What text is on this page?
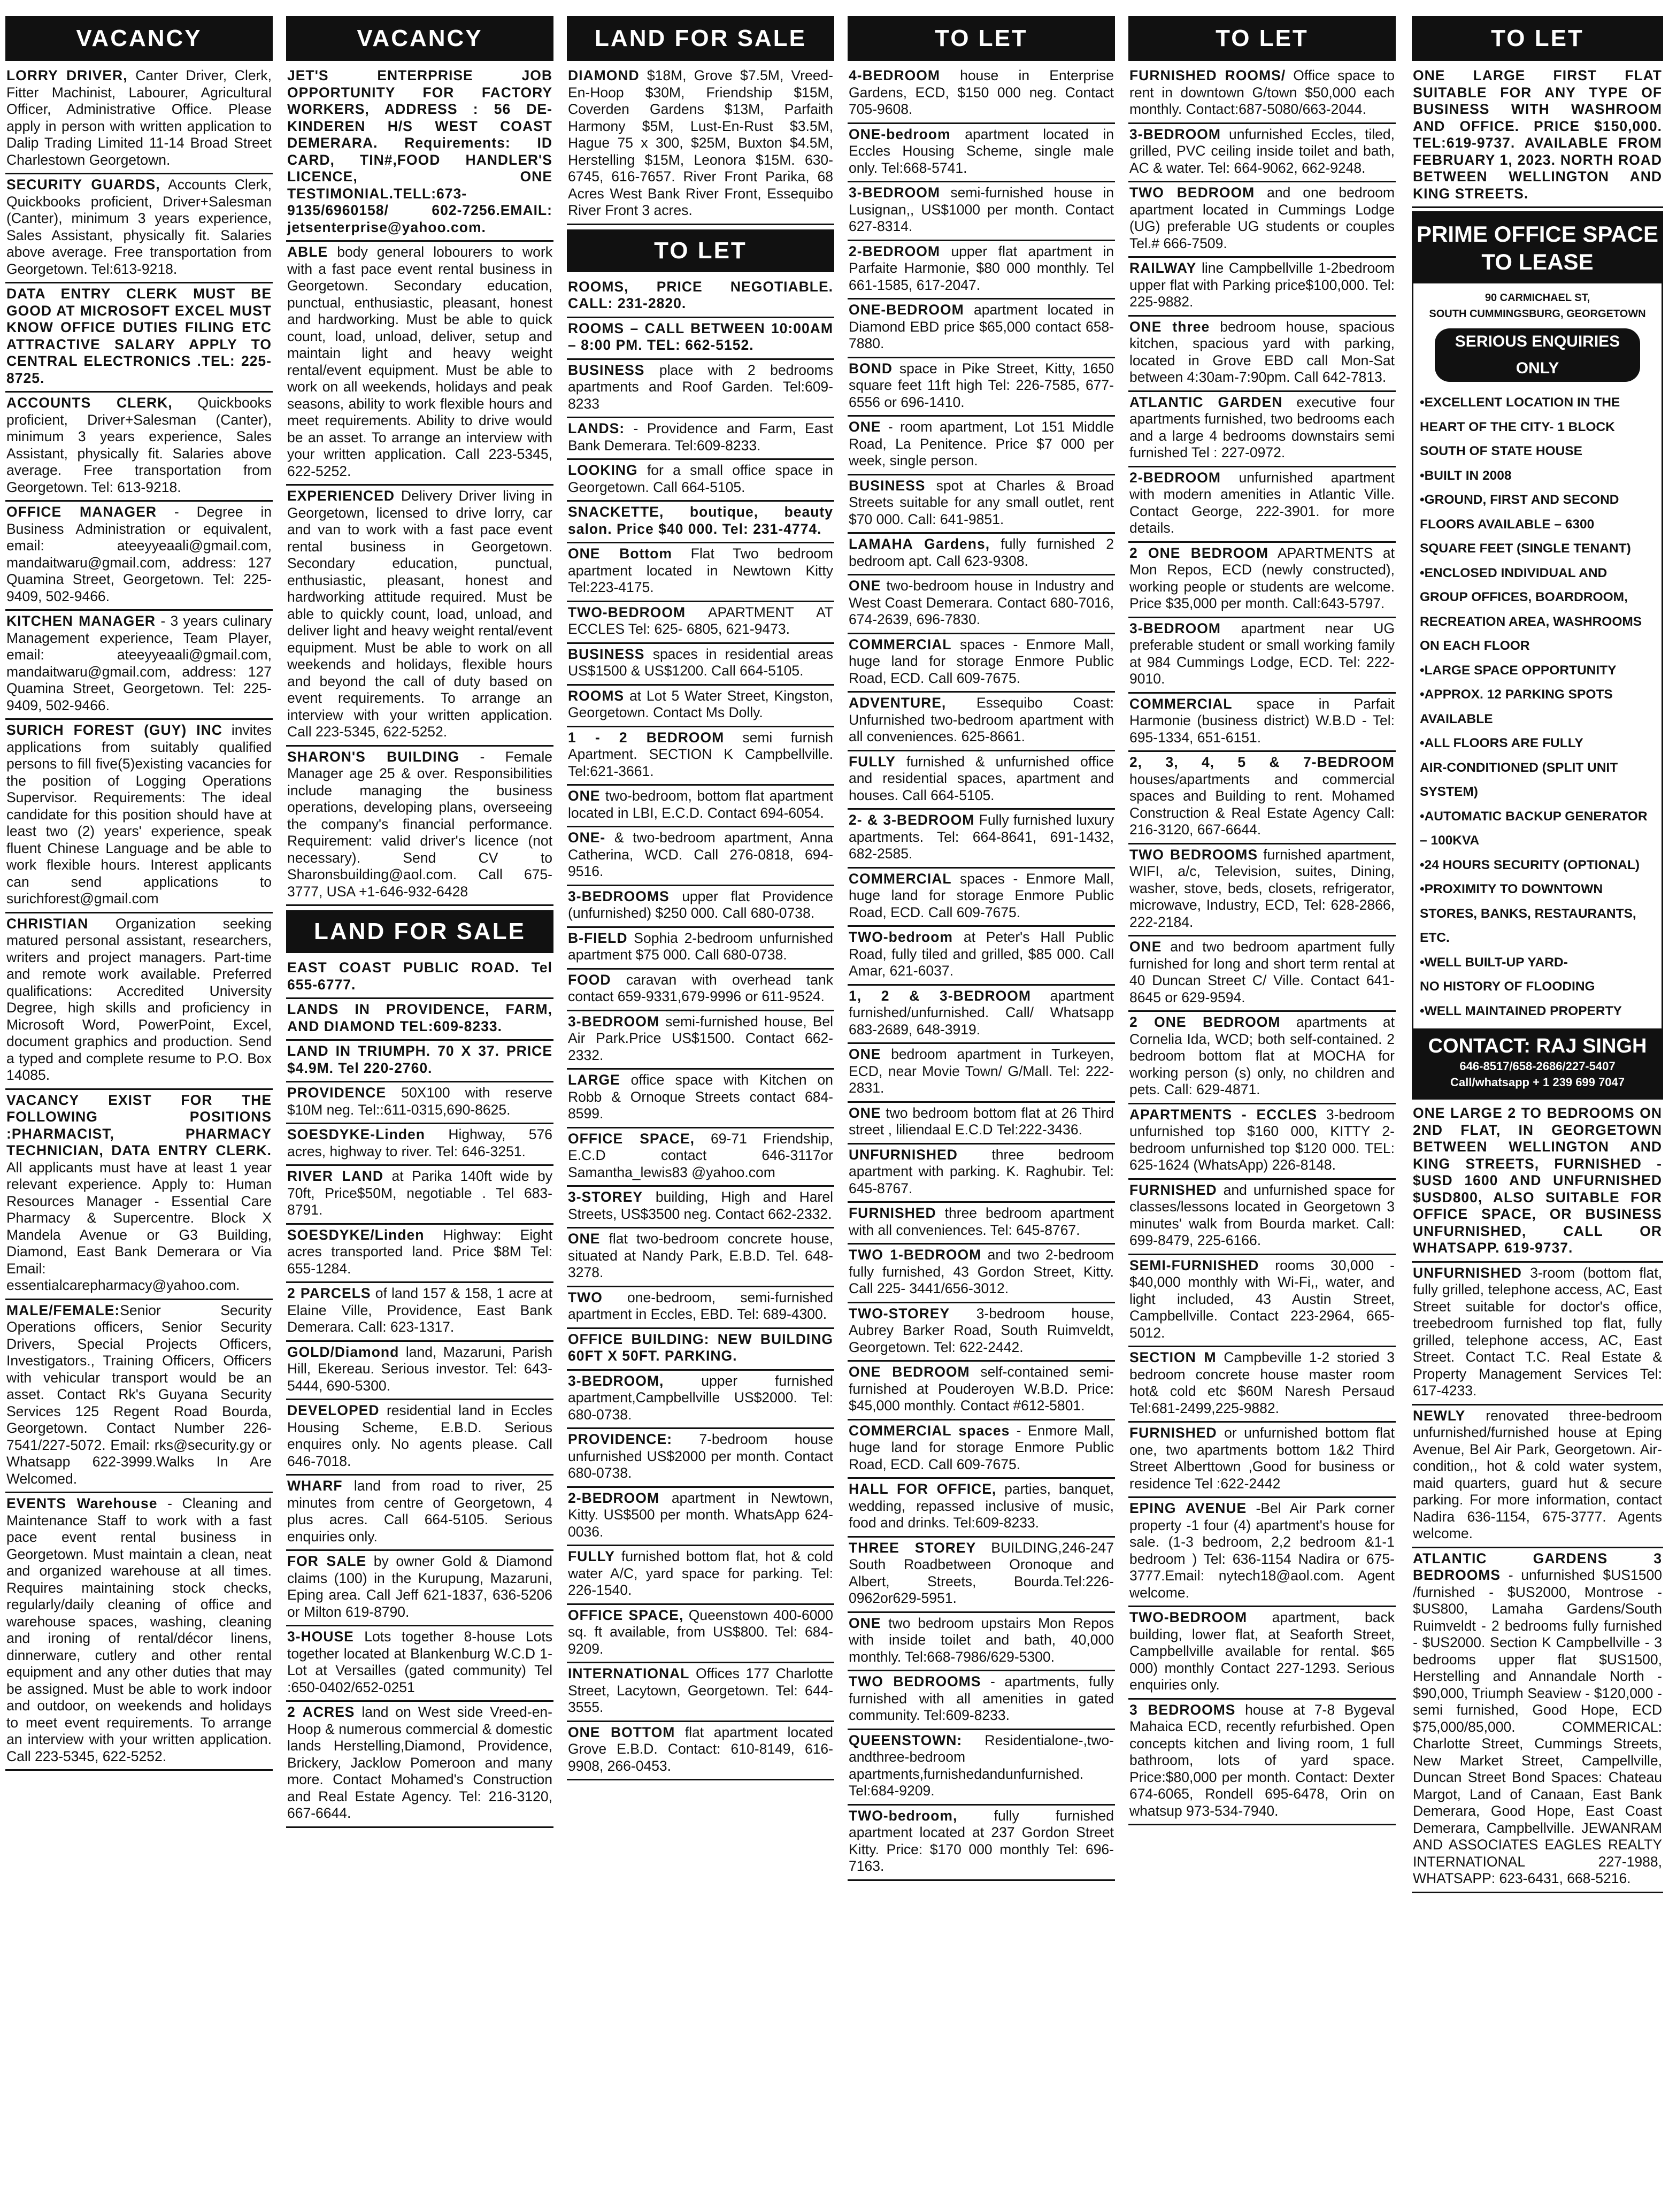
VACANCY
LORRY DRIVER, Canter Driver, Clerk, Fitter Machinist, Labourer, Agricultural Officer, Administrative Office. Please apply in person with written application to Dalip Trading Limited 11-14 Broad Street Charlestown Georgetown.
SECURITY GUARDS, Accounts Clerk, Quickbooks proficient, Driver+Salesman (Canter), minimum 3 years experience, Sales Assistant, physically fit. Salaries above average. Free transportation from Georgetown. Tel:613-9218.
DATA ENTRY CLERK MUST BE GOOD AT MICROSOFT EXCEL MUST KNOW OFFICE DUTIES FILING ETC ATTRACTIVE SALARY APPLY TO CENTRAL ELECTRONICS .TEL: 225-8725.
ACCOUNTS CLERK, Quickbooks proficient, Driver+Salesman (Canter), minimum 3 years experience, Sales Assistant, physically fit. Salaries above average. Free transportation from Georgetown. Tel: 613-9218.
OFFICE MANAGER - Degree in Business Administration or equivalent, email: ateeyyeaali@gmail.com, mandaitwaru@gmail.com, address: 127 Quamina Street, Georgetown. Tel: 225-9409, 502-9466.
KITCHEN MANAGER - 3 years culinary Management experience, Team Player, email: ateeyyeaali@gmail.com, mandaitwaru@gmail.com, address: 127 Quamina Street, Georgetown. Tel: 225-9409, 502-9466.
SURICH FOREST (GUY) INC invites applications from suitably qualified persons to fill five(5)existing vacancies for the position of Logging Operations Supervisor. Requirements: The ideal candidate for this position should have at least two (2) years' experience, speak fluent Chinese Language and be able to work flexible hours. Interest applicants can send applications to surichforest@gmail.com
CHRISTIAN Organization seeking matured personal assistant, researchers, writers and project managers. Part-time and remote work available. Preferred qualifications: Accredited University Degree, high skills and proficiency in Microsoft Word, PowerPoint, Excel, document graphics and production. Send a typed and complete resume to P.O. Box 14085.
VACANCY EXIST FOR THE FOLLOWING POSITIONS :PHARMACIST, PHARMACY TECHNICIAN, DATA ENTRY CLERK. All applicants must have at least 1 year relevant experience. Apply to: Human Resources Manager - Essential Care Pharmacy & Supercentre. Block X Mandela Avenue or G3 Building, Diamond, East Bank Demerara or Via Email: essentialcarepharmacy@yahoo.com.
MALE/FEMALE:Senior Security Operations officers, Senior Security Drivers, Special Projects Officers, Investigators., Training Officers, Officers with vehicular transport would be an asset. Contact Rk's Guyana Security Services 125 Regent Road Bourda, Georgetown. Contact Number 226-7541/227-5072. Email: rks@security.gy or Whatsapp 622-3999.Walks In Are Welcomed.
EVENTS Warehouse - Cleaning and Maintenance Staff to work with a fast pace event rental business in Georgetown. Must maintain a clean, neat and organized warehouse at all times. Requires maintaining stock checks, regularly/daily cleaning of office and warehouse spaces, washing, cleaning and ironing of rental/décor linens, dinnerware, cutlery and other rental equipment and any other duties that may be assigned. Must be able to work indoor and outdoor, on weekends and holidays to meet event requirements. To arrange an interview with your written application. Call 223-5345, 622-5252.
VACANCY
JET'S ENTERPRISE JOB OPPORTUNITY FOR FACTORY WORKERS, ADDRESS : 56 DE-KINDEREN H/S WEST COAST DEMERARA. Requirements: ID CARD, TIN#,FOOD HANDLER'S LICENCE, ONE TESTIMONIAL.TELL:673-9135/6960158/ 602-7256.EMAIL: jetsenterprise@yahoo.com.
ABLE body general lobourers to work with a fast pace event rental business in Georgetown. Secondary education, punctual, enthusiastic, pleasant, honest and hardworking. Must be able to quick count, load, unload, deliver, setup and maintain light and heavy weight rental/event equipment. Must be able to work on all weekends, holidays and peak seasons, ability to work flexible hours and meet requirements. Ability to drive would be an asset. To arrange an interview with your written application. Call 223-5345, 622-5252.
EXPERIENCED Delivery Driver living in Georgetown, licensed to drive lorry, car and van to work with a fast pace event rental business in Georgetown. Secondary education, punctual, enthusiastic, pleasant, honest and hardworking attitude required. Must be able to quickly count, load, unload, and deliver light and heavy weight rental/event equipment. Must be able to work on all weekends and holidays, flexible hours and beyond the call of duty based on event requirements. To arrange an interview with your written application. Call 223-5345, 622-5252.
SHARON'S BUILDING - Female Manager age 25 & over. Responsibilities include managing the business operations, developing plans, overseeing the company's financial performance. Requirement: valid driver's licence (not necessary). Send CV to Sharonsbuilding@aol.com. Call 675-3777, USA +1-646-932-6428
LAND FOR SALE
EAST COAST PUBLIC ROAD. Tel 655-6777.
LANDS IN PROVIDENCE, FARM, AND DIAMOND TEL:609-8233.
LAND IN TRIUMPH. 70 X 37. PRICE $4.9M. Tel 220-2760.
PROVIDENCE 50X100 with reserve $10M neg. Tel::611-0315,690-8625.
SOESDYKE-Linden Highway, 576 acres, highway to river. Tel: 646-3251.
RIVER LAND at Parika 140ft wide by 70ft, Price$50M, negotiable . Tel 683-8791.
SOESDYKE/Linden Highway: Eight acres transported land. Price $8M Tel: 655-1284.
2 PARCELS of land 157 & 158, 1 acre at Elaine Ville, Providence, East Bank Demerara. Call: 623-1317.
GOLD/Diamond land, Mazaruni, Parish Hill, Ekereau. Serious investor. Tel: 643-5444, 690-5300.
DEVELOPED residential land in Eccles Housing Scheme, E.B.D. Serious enquires only. No agents please. Call 646-7018.
WHARF land from road to river, 25 minutes from centre of Georgetown, 4 plus acres. Call 664-5105. Serious enquiries only.
FOR SALE by owner Gold & Diamond claims (100) in the Kurupung, Mazaruni, Eping area. Call Jeff 621-1837, 636-5206 or Milton 619-8790.
3-HOUSE Lots together 8-house Lots together located at Blankenburg W.C.D 1-Lot at Versailles (gated community) Tel :650-0402/652-0251
2 ACRES land on West side Vreed-en-Hoop & numerous commercial & domestic lands Herstelling,Diamond, Providence, Brickery, Jacklow Pomeroon and many more. Contact Mohamed's Construction and Real Estate Agency. Tel: 216-3120, 667-6644.
LAND FOR SALE
DIAMOND $18M, Grove $7.5M, Vreed-En-Hoop $30M, Friendship $15M, Coverden Gardens $13M, Parfaith Harmony $5M, Lust-En-Rust $3.5M, Hague 75 x 300, $25M, Buxton $4.5M, Herstelling $15M, Leonora $15M. 630-6745, 616-7657. River Front Parika, 68 Acres West Bank River Front, Essequibo River Front 3 acres.
TO LET
ROOMS, PRICE NEGOTIABLE. CALL: 231-2820.
ROOMS – CALL BETWEEN 10:00AM – 8:00 PM. TEL: 662-5152.
BUSINESS place with 2 bedrooms apartments and Roof Garden. Tel:609-8233
LANDS: - Providence and Farm, East Bank Demerara. Tel:609-8233.
LOOKING for a small office space in Georgetown. Call 664-5105.
SNACKETTE, boutique, beauty salon. Price $40 000. Tel: 231-4774.
ONE Bottom Flat Two bedroom apartment located in Newtown Kitty Tel:223-4175.
TWO-BEDROOM APARTMENT AT ECCLES Tel: 625- 6805, 621-9473.
BUSINESS spaces in residential areas US$1500 & US$1200. Call 664-5105.
ROOMS at Lot 5 Water Street, Kingston, Georgetown. Contact Ms Dolly.
1 - 2 BEDROOM semi furnish Apartment. SECTION K Campbellville. Tel:621-3661.
ONE two-bedroom, bottom flat apartment located in LBI, E.C.D. Contact 694-6054.
ONE- & two-bedroom apartment, Anna Catherina, WCD. Call 276-0818, 694-9516.
3-BEDROOMS upper flat Providence (unfurnished) $250 000. Call 680-0738.
B-FIELD Sophia 2-bedroom unfurnished apartment $75 000. Call 680-0738.
FOOD caravan with overhead tank contact 659-9331,679-9996 or 611-9524.
3-BEDROOM semi-furnished house, Bel Air Park.Price US$1500. Contact 662-2332.
LARGE office space with Kitchen on Robb & Ornoque Streets contact 684-8599.
OFFICE SPACE, 69-71 Friendship, E.C.D contact 646-3117or Samantha_lewis83 @yahoo.com
3-STOREY building, High and Harel Streets, US$3500 neg. Contact 662-2332.
ONE flat two-bedroom concrete house, situated at Nandy Park, E.B.D. Tel. 648-3278.
TWO one-bedroom, semi-furnished apartment in Eccles, EBD. Tel: 689-4300.
OFFICE BUILDING: NEW BUILDING 60FT X 50FT. PARKING.
3-BEDROOM, upper furnished apartment,Campbellville US$2000. Tel: 680-0738.
PROVIDENCE: 7-bedroom house unfurnished US$2000 per month. Contact 680-0738.
2-BEDROOM apartment in Newtown, Kitty. US$500 per month. WhatsApp 624-0036.
FULLY furnished bottom flat, hot & cold water A/C, yard space for parking. Tel: 226-1540.
OFFICE SPACE, Queenstown 400-6000 sq. ft available, from US$800. Tel: 684-9209.
INTERNATIONAL Offices 177 Charlotte Street, Lacytown, Georgetown. Tel: 644-3555.
ONE BOTTOM flat apartment located Grove E.B.D. Contact: 610-8149, 616-9908, 266-0453.
TO LET
4-BEDROOM house in Enterprise Gardens, ECD, $150 000 neg. Contact 705-9608.
ONE-bedroom apartment located in Eccles Housing Scheme, single male only. Tel:668-5741.
3-BEDROOM semi-furnished house in Lusignan,, US$1000 per month. Contact 627-8314.
2-BEDROOM upper flat apartment in Parfaite Harmonie, $80 000 monthly. Tel 661-1585, 617-2047.
ONE-BEDROOM apartment located in Diamond EBD price $65,000 contact 658-7880.
BOND space in Pike Street, Kitty, 1650 square feet 11ft high Tel: 226-7585, 677-6556 or 696-1410.
ONE - room apartment, Lot 151 Middle Road, La Penitence. Price $7 000 per week, single person.
BUSINESS spot at Charles & Broad Streets suitable for any small outlet, rent $70 000. Call: 641-9851.
LAMAHA Gardens, fully furnished 2 bedroom apt. Call 623-9308.
ONE two-bedroom house in Industry and West Coast Demerara. Contact 680-7016, 674-2639, 696-7830.
COMMERCIAL spaces - Enmore Mall, huge land for storage Enmore Public Road, ECD. Call 609-7675.
ADVENTURE, Essequibo Coast: Unfurnished two-bedroom apartment with all conveniences. 625-8661.
FULLY furnished & unfurnished office and residential spaces, apartment and houses. Call 664-5105.
2- & 3-BEDROOM Fully furnished luxury apartments. Tel: 664-8641, 691-1432, 682-2585.
COMMERCIAL spaces - Enmore Mall, huge land for storage Enmore Public Road, ECD. Call 609-7675.
TWO-bedroom at Peter's Hall Public Road, fully tiled and grilled, $85 000. Call Amar, 621-6037.
1, 2 & 3-BEDROOM apartment furnished/unfurnished. Call/ Whatsapp 683-2689, 648-3919.
ONE bedroom apartment in Turkeyen, ECD, near Movie Town/ G/Mall. Tel: 222-2831.
ONE two bedroom bottom flat at 26 Third street , liliendaal E.C.D Tel:222-3436.
UNFURNISHED three bedroom apartment with parking. K. Raghubir. Tel: 645-8767.
FURNISHED three bedroom apartment with all conveniences. Tel: 645-8767.
TWO 1-BEDROOM and two 2-bedroom fully furnished, 43 Gordon Street, Kitty. Call 225- 3441/656-3012.
TWO-STOREY 3-bedroom house, Aubrey Barker Road, South Ruimveldt, Georgetown. Tel: 622-2442.
ONE BEDROOM self-contained semi-furnished at Pouderoyen W.B.D. Price: $45,000 monthly. Contact #612-5801.
COMMERCIAL spaces - Enmore Mall, huge land for storage Enmore Public Road, ECD. Call 609-7675.
HALL FOR OFFICE, parties, banquet, wedding, repassed inclusive of music, food and drinks. Tel:609-8233.
THREE STOREY BUILDING,246-247 South Roadbetween Oronoque and Albert, Streets, Bourda.Tel:226-0962or629-5951.
ONE two bedroom upstairs Mon Repos with inside toilet and bath, 40,000 monthly. Tel:668-7986/629-5300.
TWO BEDROOMS - apartments, fully furnished with all amenities in gated community. Tel:609-8233.
QUEENSTOWN: Residentialone-,two-andthree-bedroom apartments,furnishedandunfurnished. Tel:684-9209.
TWO-bedroom, fully furnished apartment located at 237 Gordon Street Kitty. Price: $170 000 monthly Tel: 696-7163.
TO LET
FURNISHED ROOMS/ Office space to rent in downtown G/town $50,000 each monthly. Contact:687-5080/663-2044.
3-BEDROOM unfurnished Eccles, tiled, grilled, PVC ceiling inside toilet and bath, AC & water. Tel: 664-9062, 662-9248.
TWO BEDROOM and one bedroom apartment located in Cummings Lodge (UG) preferable UG students or couples Tel.# 666-7509.
RAILWAY line Campbellville 1-2bedroom upper flat with Parking price$100,000. Tel: 225-9882.
ONE three bedroom house, spacious kitchen, spacious yard with parking, located in Grove EBD call Mon-Sat between 4:30am-7:90pm. Call 642-7813.
ATLANTIC GARDEN executive four apartments furnished, two bedrooms each and a large 4 bedrooms downstairs semi furnished Tel : 227-0972.
2-BEDROOM unfurnished apartment with modern amenities in Atlantic Ville. Contact George, 222-3901. for more details.
2 ONE BEDROOM APARTMENTS at Mon Repos, ECD (newly constructed), working people or students are welcome. Price $35,000 per month. Call:643-5797.
3-BEDROOM apartment near UG preferable student or small working family at 984 Cummings Lodge, ECD. Tel: 222-9010.
COMMERCIAL space in Parfait Harmonie (business district) W.B.D - Tel: 695-1334, 651-6151.
2, 3, 4, 5 & 7-BEDROOM houses/apartments and commercial spaces and Building to rent. Mohamed Construction & Real Estate Agency Call: 216-3120, 667-6644.
TWO BEDROOMS furnished apartment, WIFI, a/c, Television, suites, Dining, washer, stove, beds, closets, refrigerator, microwave, Industry, ECD, Tel: 628-2866, 222-2184.
ONE and two bedroom apartment fully furnished for long and short term rental at 40 Duncan Street C/ Ville. Contact 641-8645 or 629-9594.
2 ONE BEDROOM apartments at Cornelia Ida, WCD; both self-contained. 2 bedroom bottom flat at MOCHA for working person (s) only, no children and pets. Call: 629-4871.
APARTMENTS - ECCLES 3-bedroom unfurnished top $160 000, KITTY 2-bedroom unfurnished top $120 000. TEL: 625-1624 (WhatsApp) 226-8148.
FURNISHED and unfurnished space for classes/lessons located in Georgetown 3 minutes' walk from Bourda market. Call: 699-8479, 225-6166.
SEMI-FURNISHED rooms 30,000 - $40,000 monthly with Wi-Fi,, water, and light included, 43 Austin Street, Campbellville. Contact 223-2964, 665-5012.
SECTION M Campbeville 1-2 storied 3 bedroom concrete house master room hot& cold etc $60M Naresh Persaud Tel:681-2499,225-9882.
FURNISHED or unfurnished bottom flat one, two apartments bottom 1&2 Third Street Alberttown ,Good for business or residence Tel :622-2442
EPING AVENUE -Bel Air Park corner property -1 four (4) apartment's house for sale. (1-3 bedroom, 2,2 bedroom &1-1 bedroom ) Tel: 636-1154 Nadira or 675-3777.Email: nytech18@aol.com. Agent welcome.
TWO-BEDROOM apartment, back building, lower flat, at Seaforth Street, Campbellville available for rental. $65 000) monthly Contact 227-1293. Serious enquiries only.
3 BEDROOMS house at 7-8 Bygeval Mahaica ECD, recently refurbished. Open concepts kitchen and living room, 1 full bathroom, lots of yard space. Price:$80,000 per month. Contact: Dexter 674-6065, Rondell 695-6478, Orin on whatsup 973-534-7940.
TO LET
ONE LARGE FIRST FLAT SUITABLE FOR ANY TYPE OF BUSINESS WITH WASHROOM AND OFFICE. PRICE $150,000. TEL:619-9737. AVAILABLE FROM FEBRUARY 1, 2023. NORTH ROAD BETWEEN WELLINGTON AND KING STREETS.
PRIME OFFICE SPACE TO LEASE
90 CARMICHAEL ST,
SOUTH CUMMINGSBURG, GEORGETOWN
SERIOUS ENQUIRIES ONLY
•EXCELLENT LOCATION IN THE
HEART OF THE CITY- 1 BLOCK
SOUTH OF STATE HOUSE
•BUILT IN 2008
•GROUND, FIRST AND SECOND
FLOORS AVAILABLE – 6300
SQUARE FEET (SINGLE TENANT)
•ENCLOSED INDIVIDUAL AND
GROUP OFFICES, BOARDROOM,
RECREATION AREA, WASHROOMS
ON EACH FLOOR
•LARGE SPACE OPPORTUNITY
•APPROX. 12 PARKING SPOTS
AVAILABLE
•ALL FLOORS ARE FULLY
AIR-CONDITIONED (SPLIT UNIT
SYSTEM)
•AUTOMATIC BACKUP GENERATOR
– 100KVA
•24 HOURS SECURITY (OPTIONAL)
•PROXIMITY TO DOWNTOWN
STORES, BANKS, RESTAURANTS,
ETC.
•WELL BUILT-UP YARD-
NO HISTORY OF FLOODING
•WELL MAINTAINED PROPERTY
CONTACT: RAJ SINGH
646-8517/658-2686/227-5407
Call/whatsapp + 1 239 699 7047
ONE LARGE 2 TO BEDROOMS ON 2ND FLAT, IN GEORGETOWN BETWEEN WELLINGTON AND KING STREETS, FURNISHED - $USD 1600 AND UNFURNISHED $USD800, ALSO SUITABLE FOR OFFICE SPACE, OR BUSINESS UNFURNISHED, CALL OR WHATSAPP. 619-9737.
UNFURNISHED 3-room (bottom flat, fully grilled, telephone access, AC, East Street suitable for doctor's office, treebedroom furnished top flat, fully grilled, telephone access, AC, East Street. Contact T.C. Real Estate & Property Management Services Tel: 617-4233.
NEWLY renovated three-bedroom unfurnished/furnished house at Eping Avenue, Bel Air Park, Georgetown. Air-condition,, hot & cold water system, maid quarters, guard hut & secure parking. For more information, contact Nadira 636-1154, 675-3777. Agents welcome.
ATLANTIC GARDENS 3 BEDROOMS - unfurnished $US1500 /furnished - $US2000, Montrose - $US800, Lamaha Gardens/South Ruimveldt - 2 bedrooms fully furnished - $US2000. Section K Campbellville - 3 bedrooms upper flat $US1500, Herstelling and Annandale North - $90,000, Triumph Seaview - $120,000 - semi furnished, Good Hope, ECD $75,000/85,000. COMMERICAL: Charlotte Street, Cummings Streets, New Market Street, Campellville, Duncan Street Bond Spaces: Chateau Margot, Land of Canaan, East Bank Demerara, Good Hope, East Coast Demerara, Campbellville. JEWANRAM AND ASSOCIATES EAGLES REALTY INTERNATIONAL 227-1988, WHATSAPP: 623-6431, 668-5216.
